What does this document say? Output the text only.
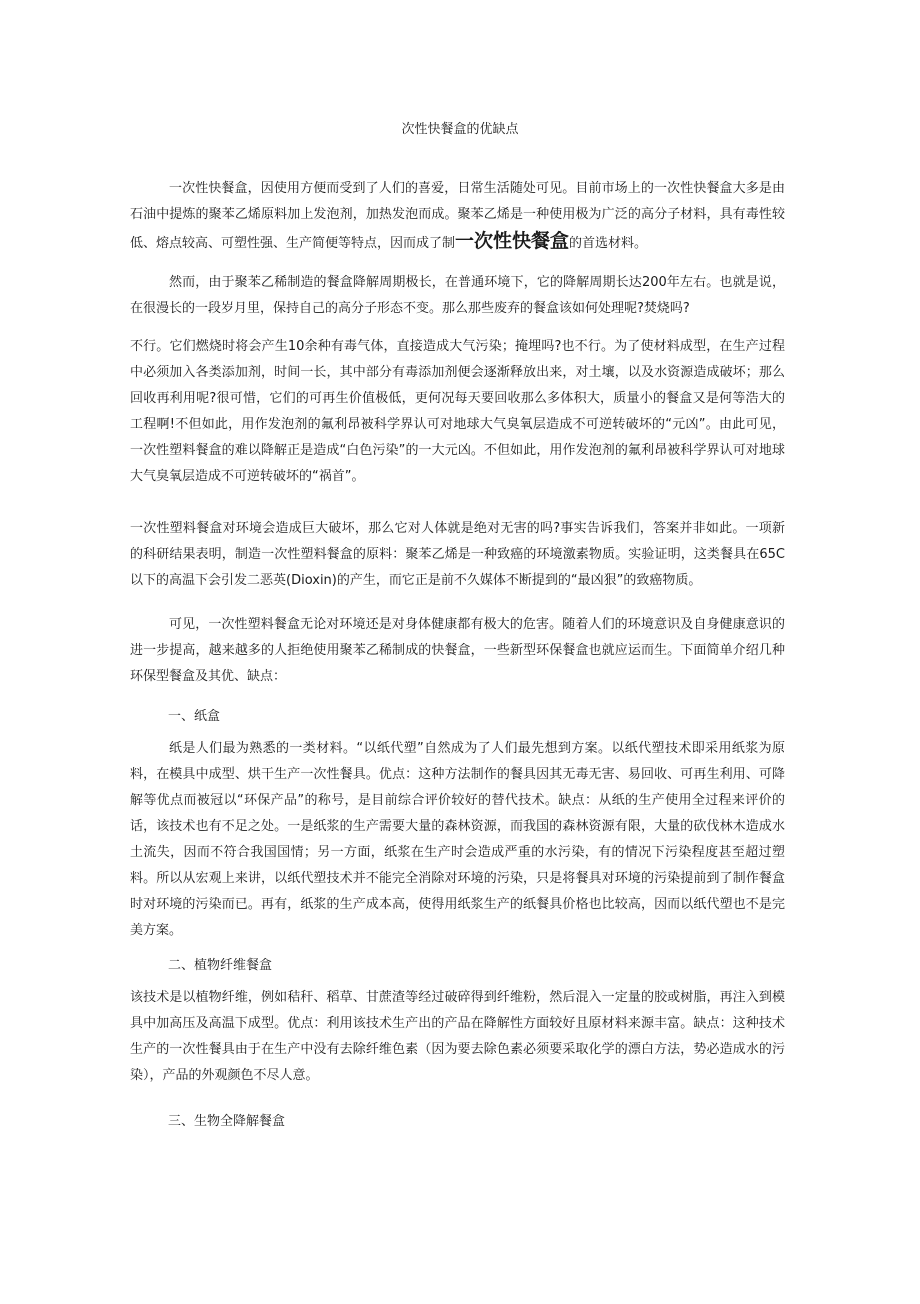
次性快餐盒的优缺点
一次性快餐盒，因使用方便而受到了人们的喜爱，日常生活随处可见。目前市场上的一次性快餐盒大多是由石油中提炼的聚苯乙烯原料加上发泡剂，加热发泡而成。聚苯乙烯是一种使用极为广泛的高分子材料，具有毒性较低、熔点较高、可塑性强、生产简便等特点，因而成了制一次性快餐盒的首选材料。
然而，由于聚苯乙稀制造的餐盒降解周期极长，在普通环境下，它的降解周期长达200年左右。也就是说，在很漫长的一段岁月里，保持自己的高分子形态不变。那么那些废弃的餐盒该如何处理呢?焚烧吗?
不行。它们燃烧时将会产生10余种有毒气体，直接造成大气污染；掩埋吗?也不行。为了使材料成型，在生产过程中必须加入各类添加剂，时间一长，其中部分有毒添加剂便会逐渐释放出来，对土壤，以及水资源造成破坏；那么回收再利用呢?很可惜，它们的可再生价值极低，更何况每天要回收那么多体积大，质量小的餐盒又是何等浩大的工程啊!不但如此，用作发泡剂的氟利昂被科学界认可对地球大气臭氧层造成不可逆转破坏的“元凶”。由此可见，一次性塑料餐盒的难以降解正是造成“白色污染”的一大元凶。不但如此，用作发泡剂的氟利昂被科学界认可对地球大气臭氧层造成不可逆转破坏的“祸首”。
一次性塑料餐盒对环境会造成巨大破坏，那么它对人体就是绝对无害的吗?事实告诉我们，答案并非如此。一项新的科研结果表明，制造一次性塑料餐盒的原料：聚苯乙烯是一种致癌的环境激素物质。实验证明，这类餐具在65C以下的高温下会引发二恶英(Dioxin)的产生，而它正是前不久媒体不断提到的“最凶狠”的致癌物质。
可见，一次性塑料餐盒无论对环境还是对身体健康都有极大的危害。随着人们的环境意识及自身健康意识的进一步提高，越来越多的人拒绝使用聚苯乙稀制成的快餐盒，一些新型环保餐盒也就应运而生。下面简单介绍几种环保型餐盒及其优、缺点：
一、纸盒
纸是人们最为熟悉的一类材料。“以纸代塑”自然成为了人们最先想到方案。以纸代塑技术即采用纸浆为原料，在模具中成型、烘干生产一次性餐具。优点：这种方法制作的餐具因其无毒无害、易回收、可再生利用、可降解等优点而被冠以“环保产品”的称号，是目前综合评价较好的替代技术。缺点：从纸的生产使用全过程来评价的话，该技术也有不足之处。一是纸浆的生产需要大量的森林资源，而我国的森林资源有限，大量的砍伐林木造成水土流失，因而不符合我国国情；另一方面，纸浆在生产时会造成严重的水污染，有的情况下污染程度甚至超过塑料。所以从宏观上来讲，以纸代塑技术并不能完全消除对环境的污染，只是将餐具对环境的污染提前到了制作餐盒时对环境的污染而已。再有，纸浆的生产成本高，使得用纸浆生产的纸餐具价格也比较高，因而以纸代塑也不是完美方案。
二、植物纤维餐盒
该技术是以植物纤维，例如秸秆、稻草、甘蔗渣等经过破碎得到纤维粉，然后混入一定量的胶或树脂，再注入到模具中加高压及高温下成型。优点：利用该技术生产出的产品在降解性方面较好且原材料来源丰富。缺点：这种技术生产的一次性餐具由于在生产中没有去除纤维色素（因为要去除色素必须要采取化学的漂白方法，势必造成水的污染），产品的外观颜色不尽人意。
三、生物全降解餐盒
